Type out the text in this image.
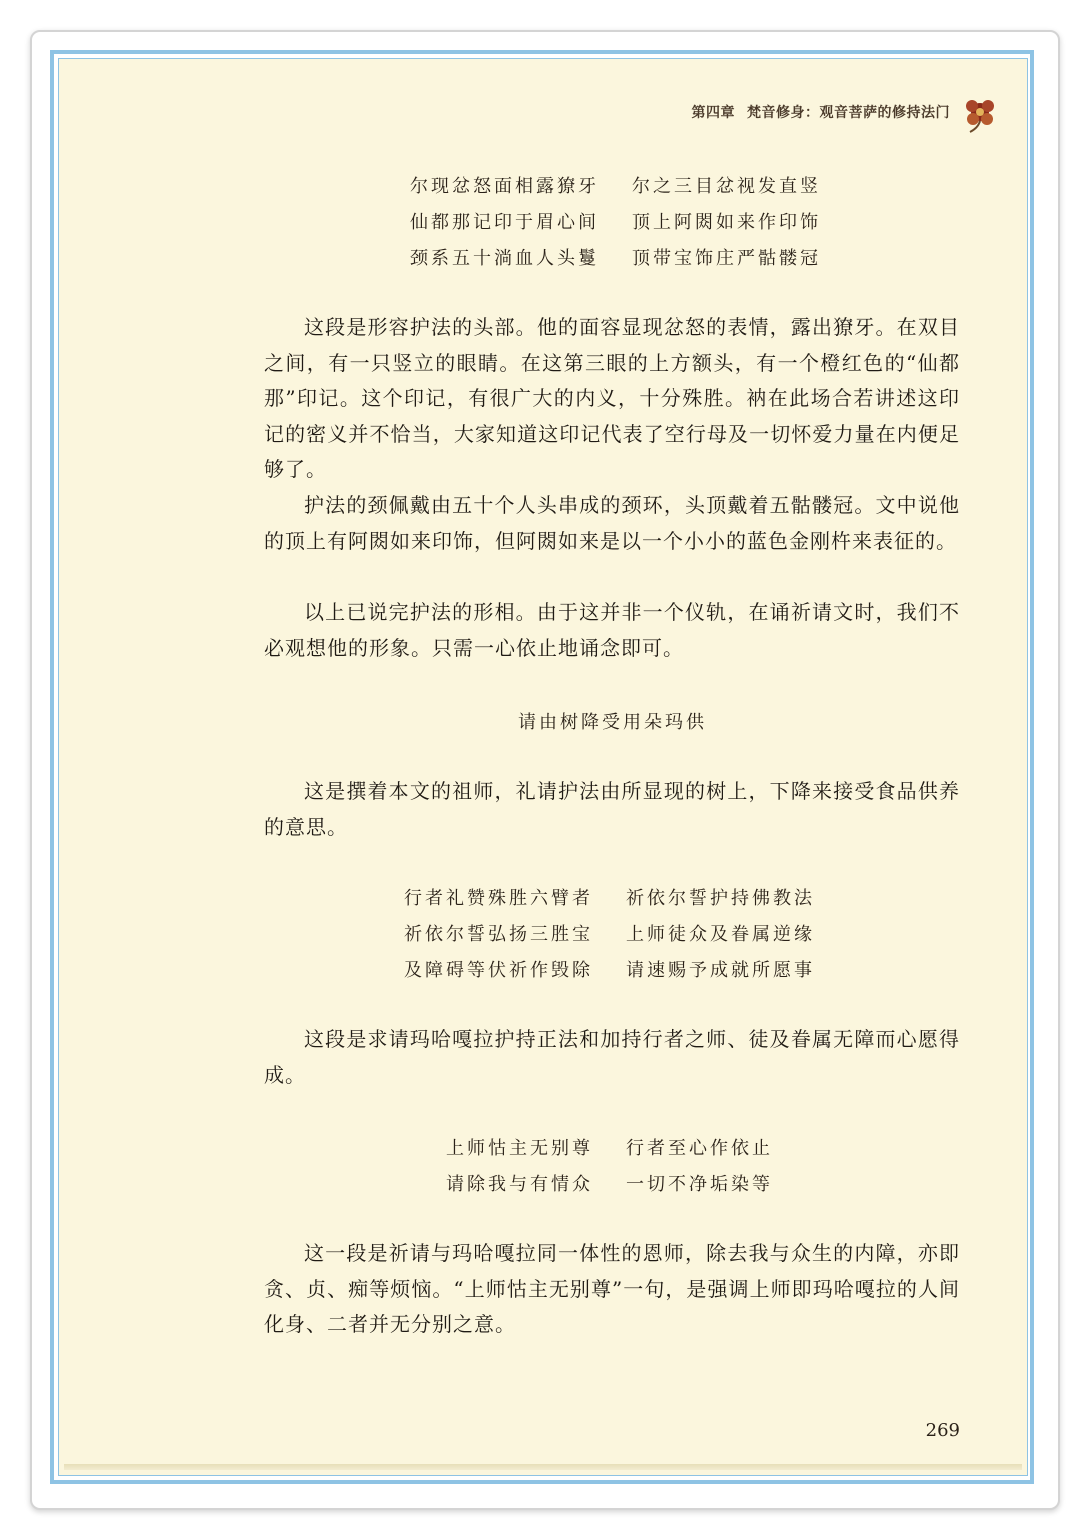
第四章 梵音修身：观音菩萨的修持法门
尔现忿怒面相露獠牙 尔之三目忿视发直竖
仙都那记印于眉心间 顶上阿閦如来作印饰
颈系五十淌血人头鬘 顶带宝饰庄严骷髅冠

这段是形容护法的头部。他的面容显现忿怒的表情，露出獠牙。在双目之间，有一只竖立的眼睛。在这第三眼的上方额头，有一个橙红色的“仙都那”印记。这个印记，有很广大的内义，十分殊胜。衲在此场合若讲述这印记的密义并不恰当，大家知道这印记代表了空行母及一切怀爱力量在内便足够了。

护法的颈佩戴由五十个人头串成的颈环，头顶戴着五骷髅冠。文中说他的顶上有阿閦如来印饰，但阿閦如来是以一个小小的蓝色金刚杵来表征的。

以上已说完护法的形相。由于这并非一个仪轨，在诵祈请文时，我们不必观想他的形象。只需一心依止地诵念即可。

请由树降受用朵玛供

这是撰着本文的祖师，礼请护法由所显现的树上，下降来接受食品供养的意思。

行者礼赞殊胜六臂者 祈依尔誓护持佛教法
祈依尔誓弘扬三胜宝 上师徒众及眷属逆缘
及障碍等伏祈作毁除 请速赐予成就所愿事

这段是求请玛哈嘎拉护持正法和加持行者之师、徒及眷属无障而心愿得成。

上师怙主无别尊 行者至心作依止
请除我与有情众 一切不净垢染等

这一段是祈请与玛哈嘎拉同一体性的恩师，除去我与众生的内障，亦即贪、贞、痴等烦恼。“上师怙主无别尊”一句，是强调上师即玛哈嘎拉的人间化身、二者并无分别之意。

269
